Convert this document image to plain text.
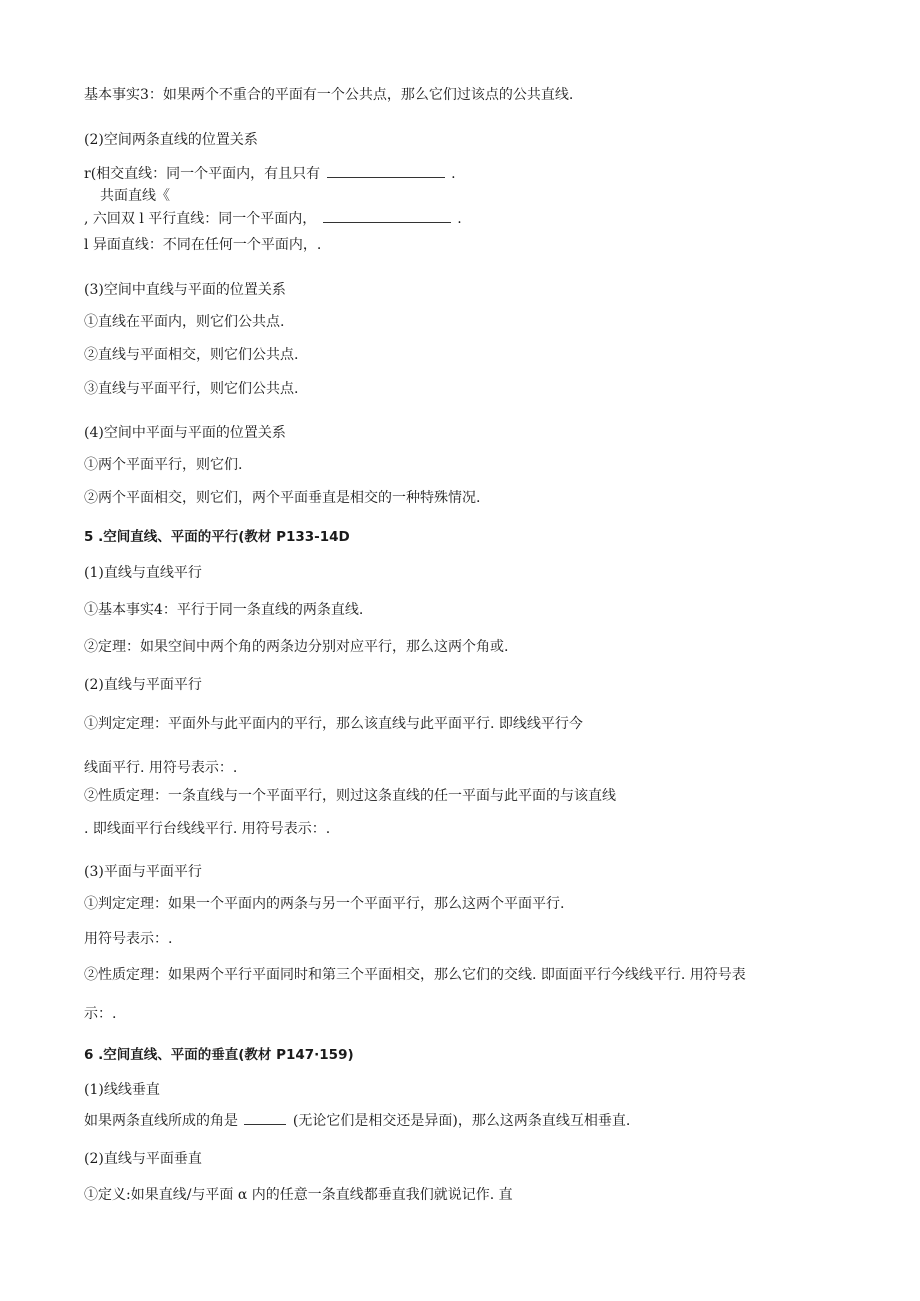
基本事实3：如果两个不重合的平面有一个公共点，那么它们过该点的公共直线.
(2)空间两条直线的位置关系
r(相交直线：同一个平面内，有且只有	.
共面直线《
, 六回双 l 平行直线：同一个平面内，	.
l 异面直线：不同在任何一个平面内，.
(3)空间中直线与平面的位置关系
①直线在平面内，则它们公共点.
②直线与平面相交，则它们公共点.
③直线与平面平行，则它们公共点.
(4)空间中平面与平面的位置关系
①两个平面平行，则它们.
②两个平面相交，则它们，两个平面垂直是相交的一种特殊情况.
5 .空间直线、平面的平行(教材 P133-14D
(1)直线与直线平行
①基本事实4：平行于同一条直线的两条直线.
②定理：如果空间中两个角的两条边分别对应平行，那么这两个角或.
(2)直线与平面平行
①判定定理：平面外与此平面内的平行，那么该直线与此平面平行. 即线线平行今
线面平行. 用符号表示：.
②性质定理：一条直线与一个平面平行，则过这条直线的任一平面与此平面的与该直线
. 即线面平行台线线平行. 用符号表示：.
(3)平面与平面平行
①判定定理：如果一个平面内的两条与另一个平面平行，那么这两个平面平行.
用符号表示：.
②性质定理：如果两个平行平面同时和第三个平面相交，那么它们的交线. 即面面平行今线线平行. 用符号表
示：.
6 .空间直线、平面的垂直(教材 P147·159)
(1)线线垂直
如果两条直线所成的角是	(无论它们是相交还是异面)，那么这两条直线互相垂直.
(2)直线与平面垂直
①定义:如果直线/与平面 α 内的任意一条直线都垂直我们就说记作. 直
